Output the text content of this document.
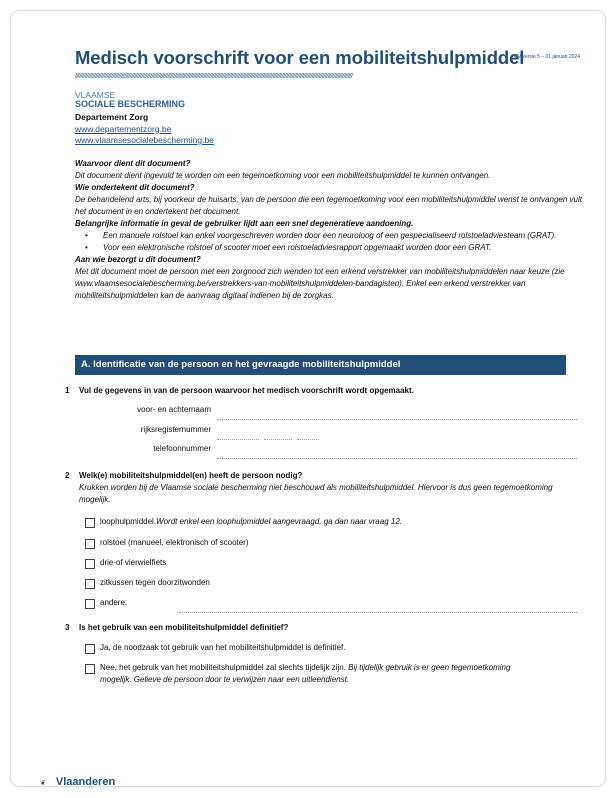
Medisch voorschrift voor een mobiliteitshulpmiddel
MV versie 5 – 01 januari 2024
////////////////////////////////////////////////////////////////////////////////////////////////////////////////////////////////////////////////////////////////////////////////////////////////
VLAAMSE
SOCIALE BESCHERMING
Departement Zorg
www.departementzorg.be
www.vlaamsesocialebescherming.be
Waarvoor dient dit document?
Dit document dient ingevuld te worden om een tegemoetkoming voor een mobiliteitshulpmiddel te kunnen ontvangen.
Wie ondertekent dit document?
De behandelend arts, bij voorkeur de huisarts, van de persoon die een tegemoetkoming voor een mobiliteitshulpmiddel wenst te ontvangen vult het document in en ondertekent het document.
Belangrijke informatie in geval de gebruiker lijdt aan een snel degeneratieve aandoening.
• Een manuele rolstoel kan enkel voorgeschreven worden door een neuroloog of een gespecialiseerd rolstoeladviesteam (GRAT).
• Voor een elektronische rolstoel of scooter moet een rolstoeladviesrapport opgemaakt worden door een GRAT.
Aan wie bezorgt u dit document?
Met dit document moet de persoon met een zorgnood zich wenden tot een erkend verstrekker van mobiliteitshulpmiddelen naar keuze (zie www.vlaamsesocialebescherming.be/verstrekkers-van-mobiliteitshulpmiddelen-bandagisten). Enkel een erkend verstrekker van mobiliteitshulpmiddelen kan de aanvraag digitaal indienen bij de zorgkas.
A. Identificatie van de persoon en het gevraagde mobiliteitshulpmiddel
1	Vul de gegevens in van de persoon waarvoor het medisch voorschrift wordt opgemaakt.
voor- en achternaam
rijksregisternummer
telefoonnummer
2	Welk(e) mobiliteitshulpmiddel(en) heeft de persoon nodig?
Krukken worden bij de Vlaamse sociale bescherming niet beschouwd als mobiliteitshulpmiddel. Hiervoor is dus geen tegemoetkoming mogelijk.
loophulpmiddel. Wordt enkel een loophulpmiddel aangevraagd, ga dan naar vraag 12.
rolstoel (manueel, elektronisch of scooter)
drie-of vierwielfiets
zitkussen tegen doorzitwonden
andere:
3	Is het gebruik van een mobiliteitshulpmiddel definitief?
Ja, de noodzaak tot gebruik van het mobiliteitshulpmiddel is definitief.
Nee, het gebruik van het mobiliteitshulpmiddel zal slechts tijdelijk zijn. Bij tijdelijk gebruik is er geen tegemoetkoming mogelijk. Gelieve de persoon door te verwijzen naar een uitleendienst.
❦ Vlaanderen
